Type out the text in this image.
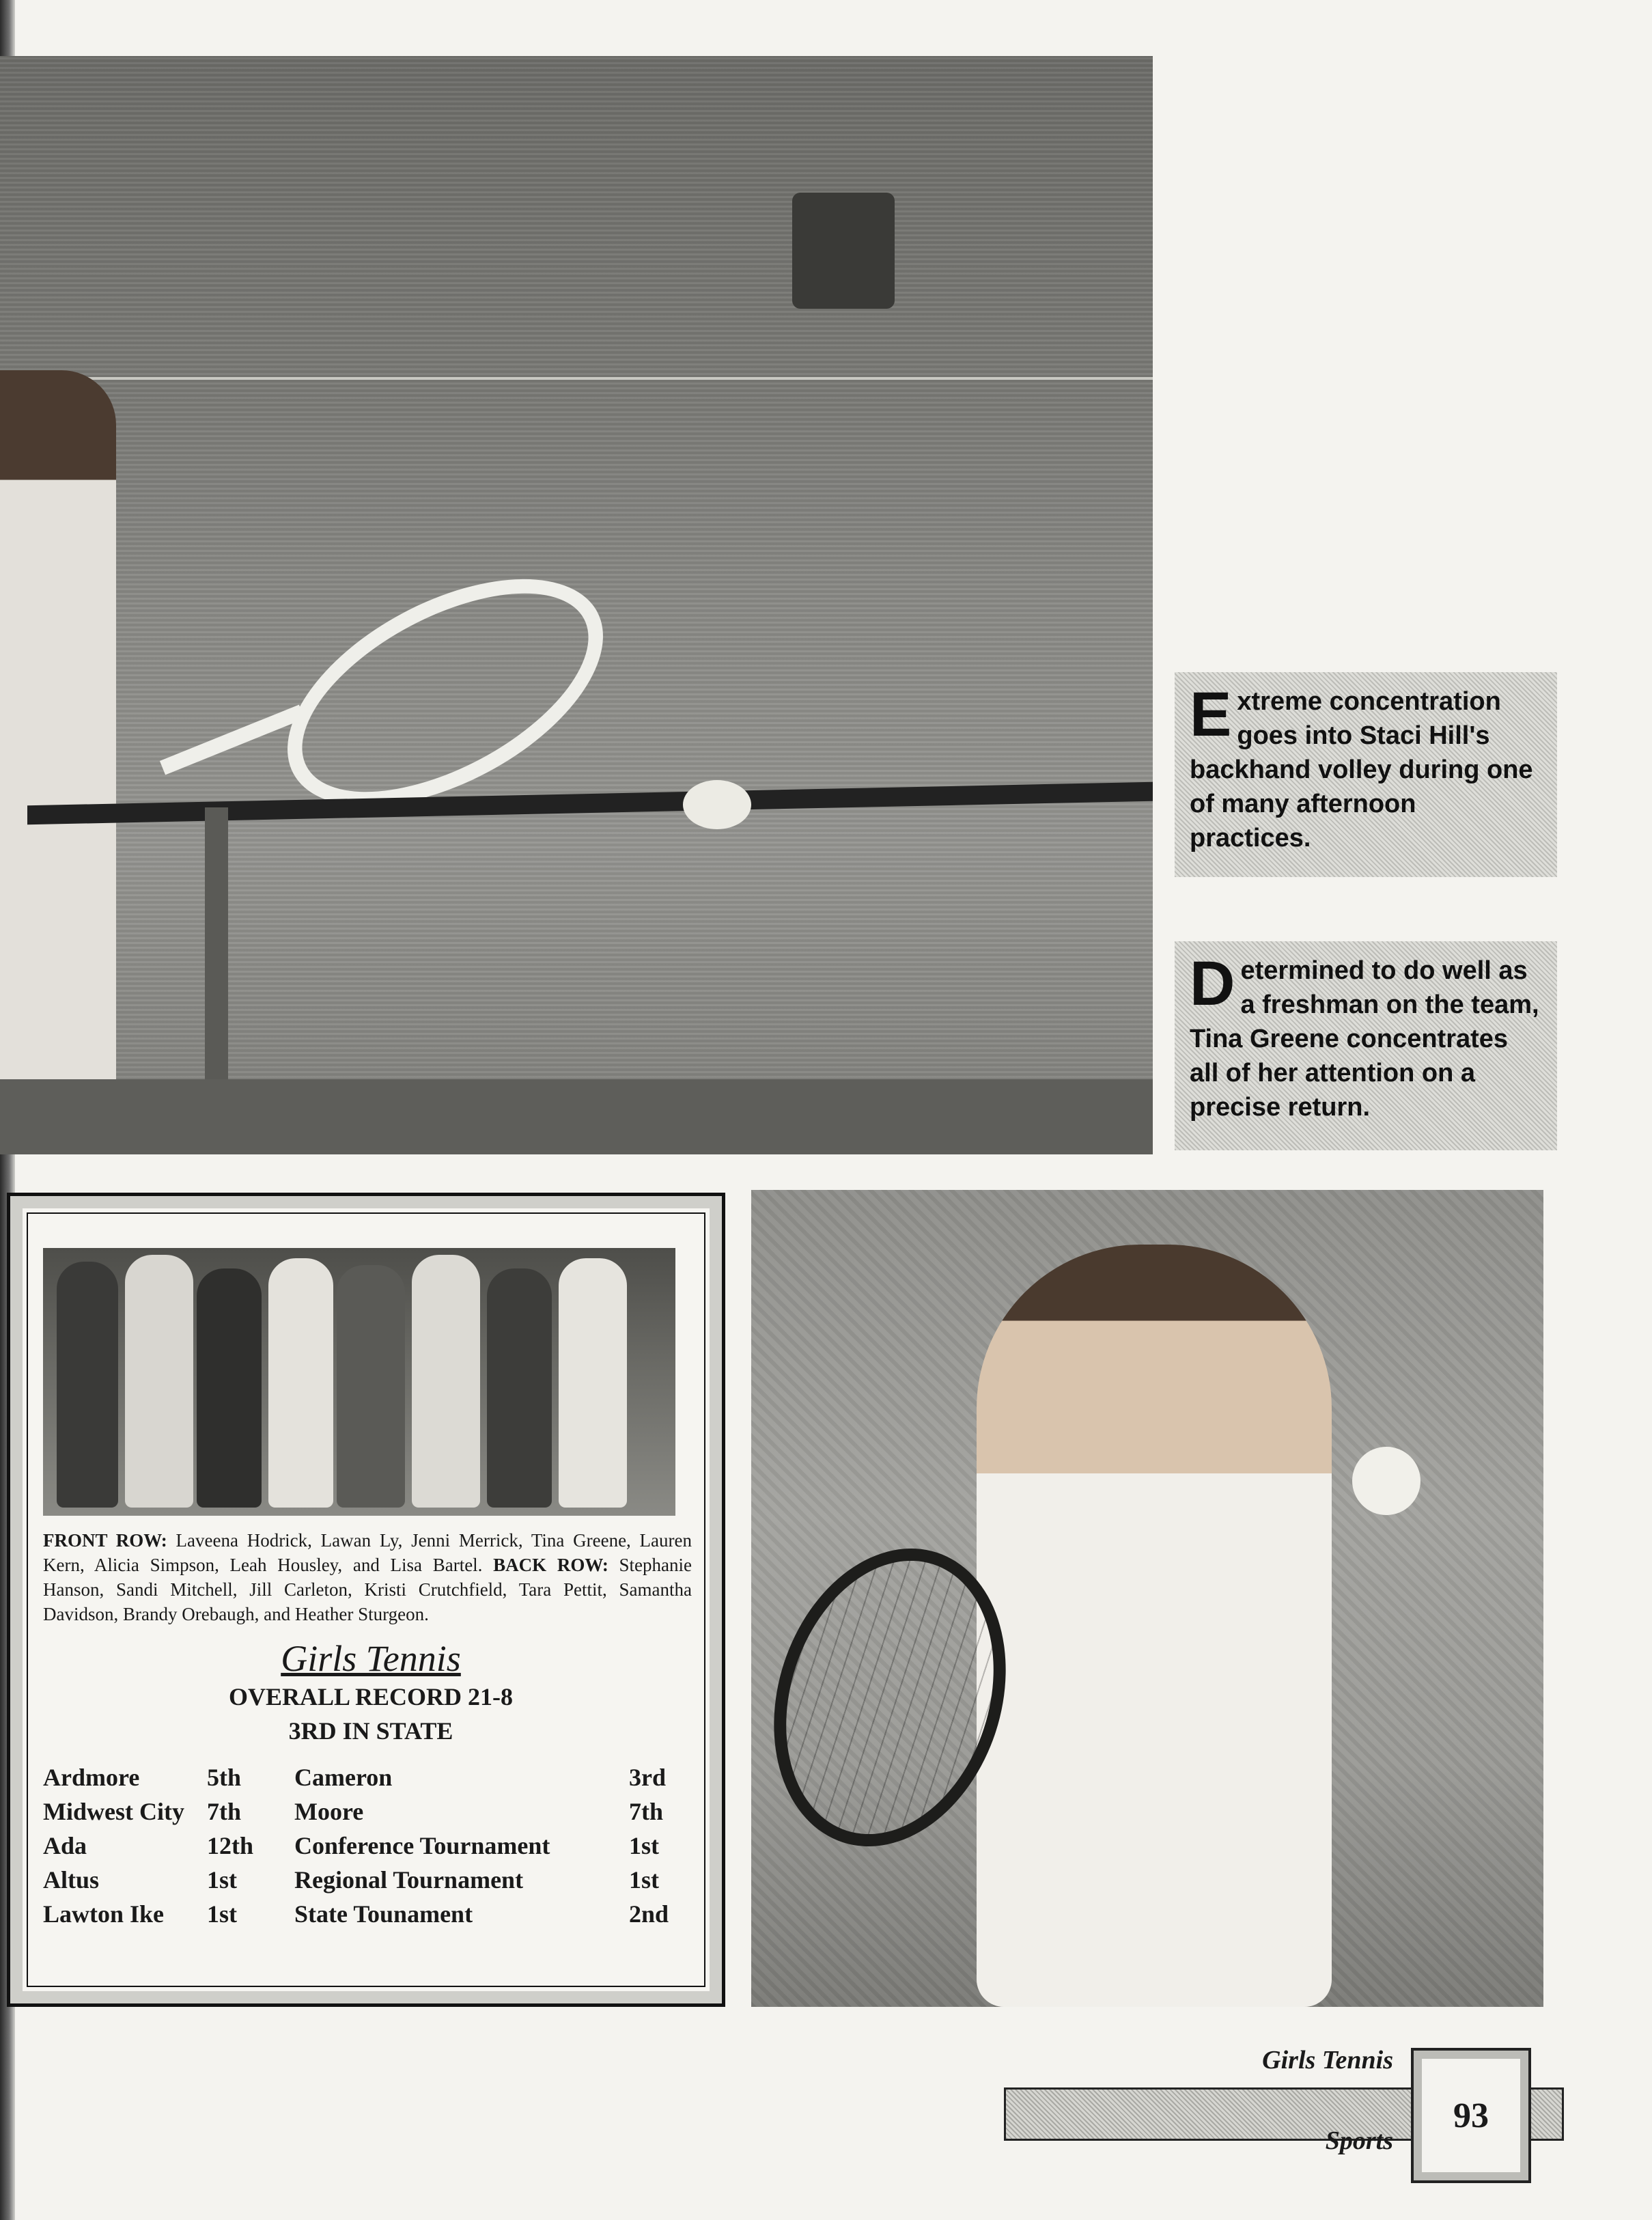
Extreme concentration goes into Staci Hill's backhand volley during one of many afternoon practices.
Determined to do well as a freshman on the team, Tina Greene concentrates all of her attention on a precise return.
FRONT ROW: Laveena Hodrick, Lawan Ly, Jenni Merrick, Tina Greene, Lauren Kern, Alicia Simpson, Leah Housley, and Lisa Bartel. BACK ROW: Stephanie Hanson, Sandi Mitchell, Jill Carleton, Kristi Crutchfield, Tara Pettit, Samantha Davidson, Brandy Orebaugh, and Heather Sturgeon.
Girls Tennis
OVERALL RECORD 21-8
3RD IN STATE
Ardmore	5th	Cameron	3rd
Midwest City	7th	Moore	7th
Ada	12th	Conference Tournament	1st
Altus	1st	Regional Tournament	1st
Lawton Ike	1st	State Tounament	2nd
Girls Tennis
Sports
93
